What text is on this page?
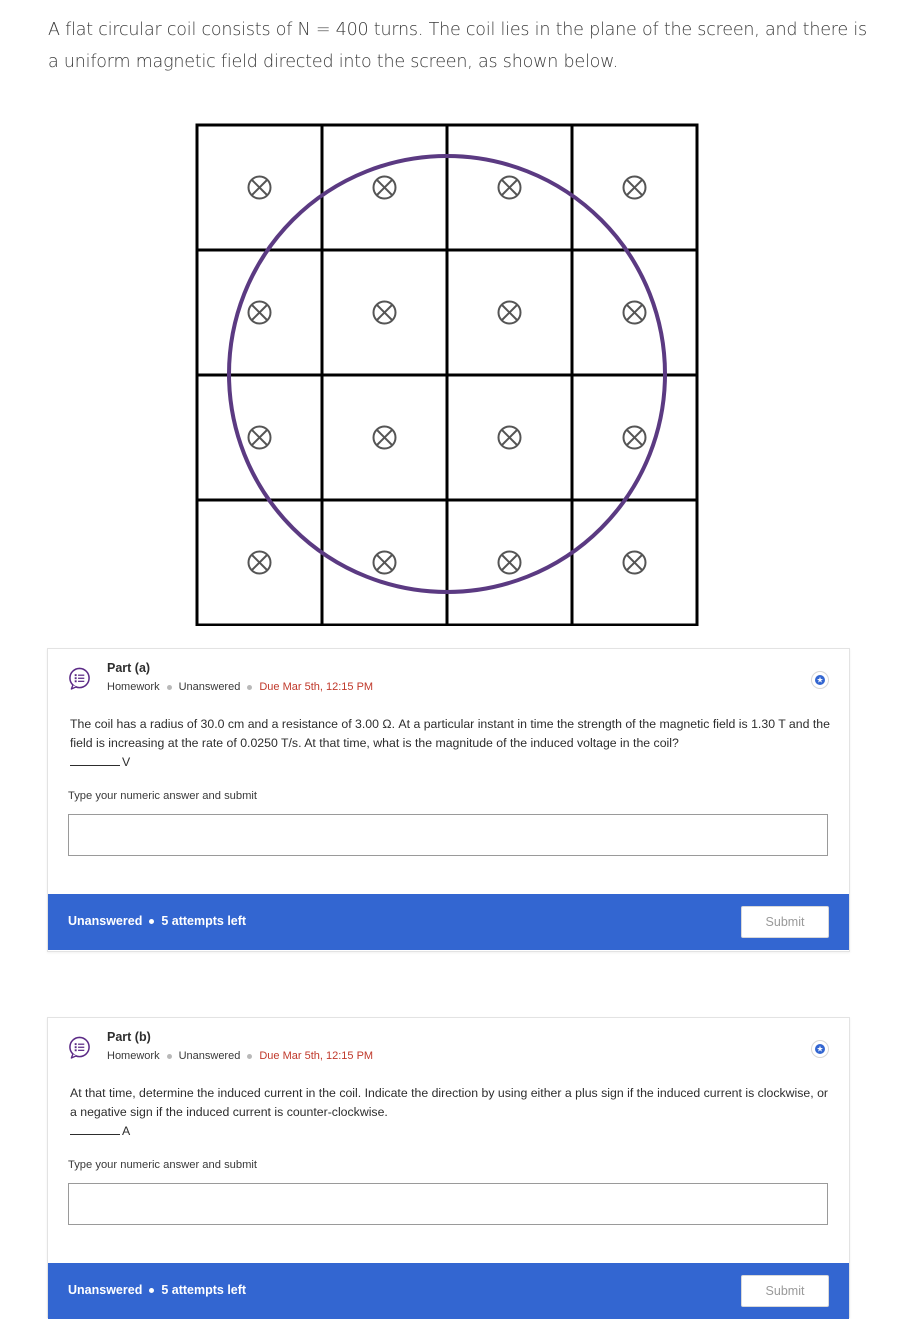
A flat circular coil consists of N = 400 turns. The coil lies in the plane of the screen, and there is a uniform magnetic field directed into the screen, as shown below.
Part (a)
Homework Unanswered Due Mar 5th, 12:15 PM
The coil has a radius of 30.0 cm and a resistance of 3.00 Ω. At a particular instant in time the strength of the magnetic field is 1.30 T and the field is increasing at the rate of 0.0250 T/s. At that time, what is the magnitude of the induced voltage in the coil?
V
Type your numeric answer and submit
Unanswered 5 attempts left	Submit
Part (b)
Homework Unanswered Due Mar 5th, 12:15 PM
At that time, determine the induced current in the coil. Indicate the direction by using either a plus sign if the induced current is clockwise, or a negative sign if the induced current is counter-clockwise.
A
Type your numeric answer and submit
Unanswered 5 attempts left	Submit
